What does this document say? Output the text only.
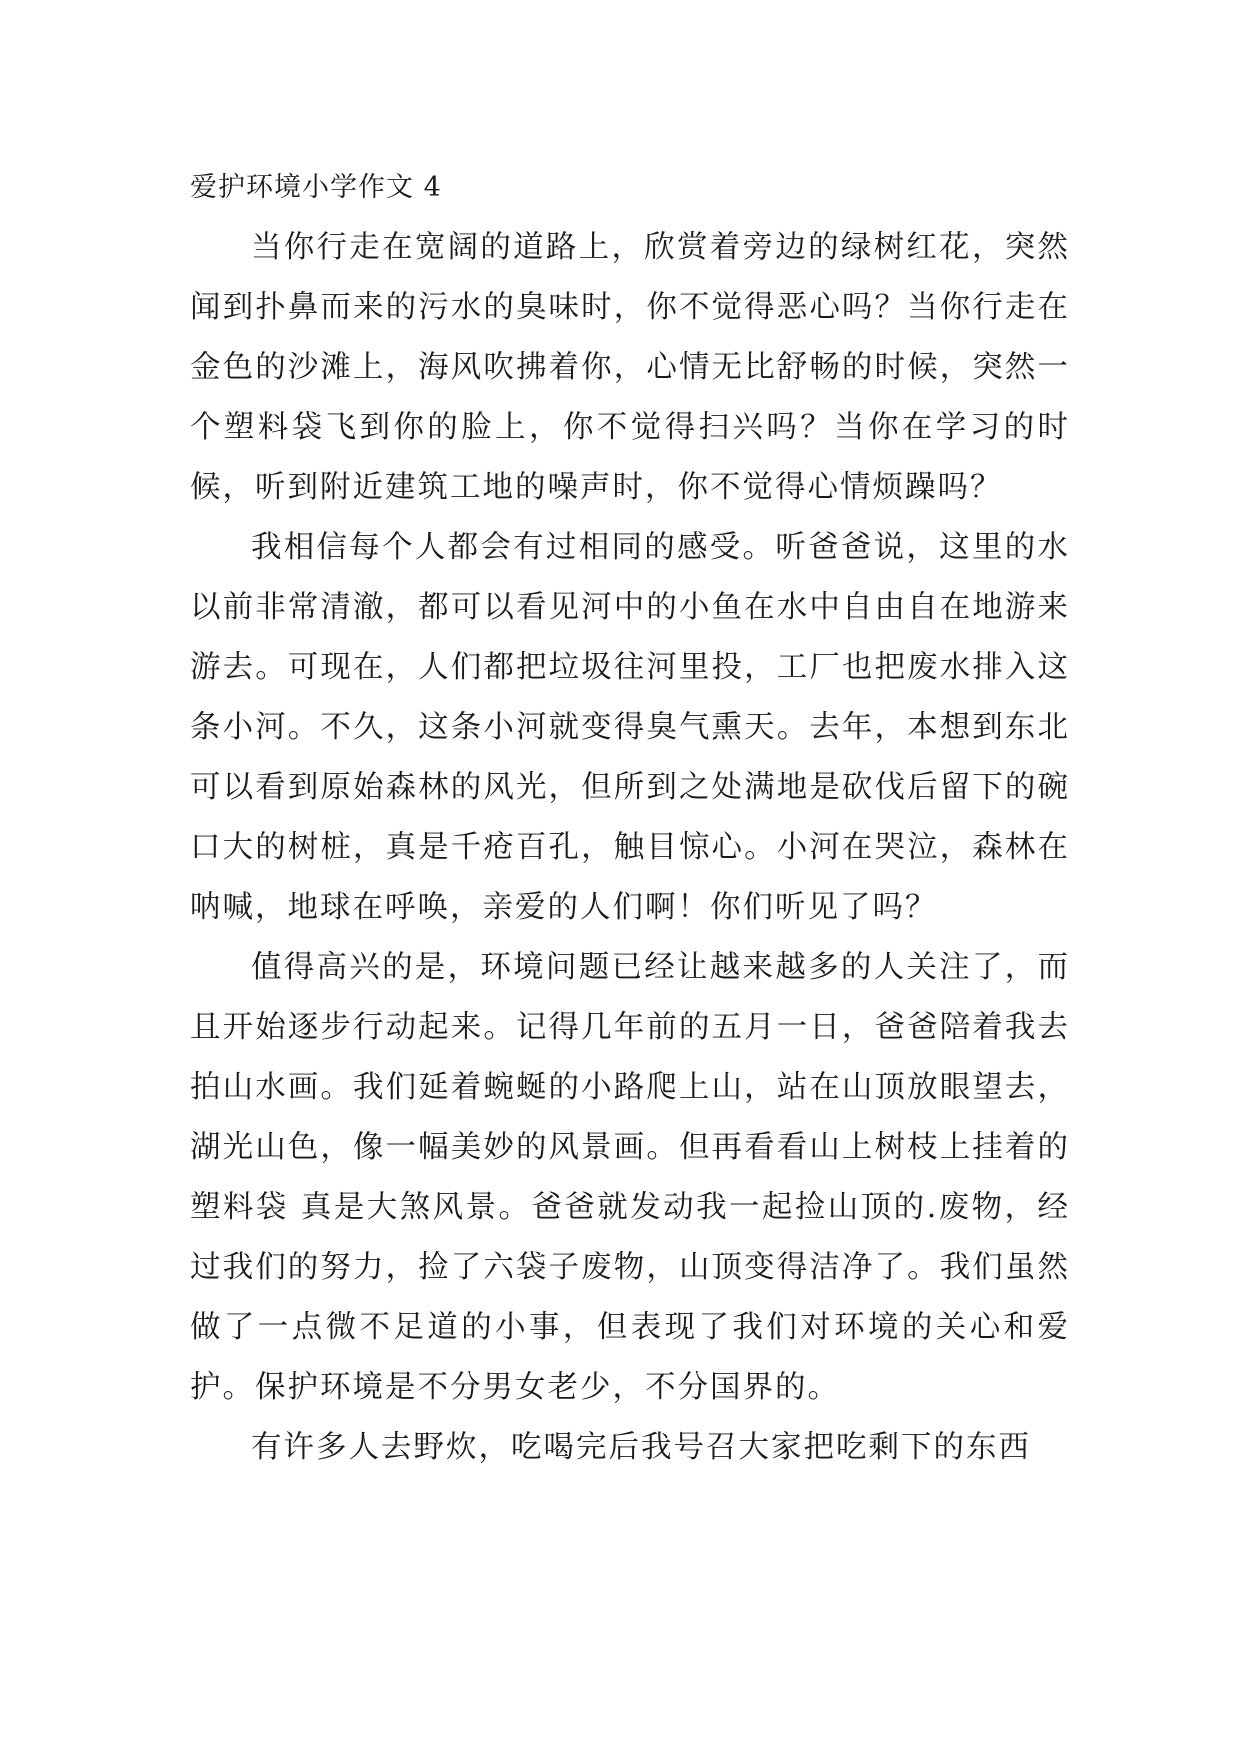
爱护环境小学作文 4

当你行走在宽阔的道路上，欣赏着旁边的绿树红花，突然闻到扑鼻而来的污水的臭味时，你不觉得恶心吗？当你行走在金色的沙滩上，海风吹拂着你，心情无比舒畅的时候，突然一个塑料袋飞到你的脸上，你不觉得扫兴吗？当你在学习的时候，听到附近建筑工地的噪声时，你不觉得心情烦躁吗？

我相信每个人都会有过相同的感受。听爸爸说，这里的水以前非常清澈，都可以看见河中的小鱼在水中自由自在地游来游去。可现在，人们都把垃圾往河里投，工厂也把废水排入这条小河。不久，这条小河就变得臭气熏天。去年，本想到东北可以看到原始森林的风光，但所到之处满地是砍伐后留下的碗口大的树桩，真是千疮百孔，触目惊心。小河在哭泣，森林在呐喊，地球在呼唤，亲爱的人们啊！你们听见了吗？

值得高兴的是，环境问题已经让越来越多的人关注了，而且开始逐步行动起来。记得几年前的五月一日，爸爸陪着我去拍山水画。我们延着蜿蜒的小路爬上山，站在山顶放眼望去，湖光山色，像一幅美妙的风景画。但再看看山上树枝上挂着的塑料袋 真是大煞风景。爸爸就发动我一起捡山顶的.废物，经过我们的努力，捡了六袋子废物，山顶变得洁净了。我们虽然做了一点微不足道的小事，但表现了我们对环境的关心和爱护。保护环境是不分男女老少，不分国界的。

有许多人去野炊，吃喝完后我号召大家把吃剩下的东西
